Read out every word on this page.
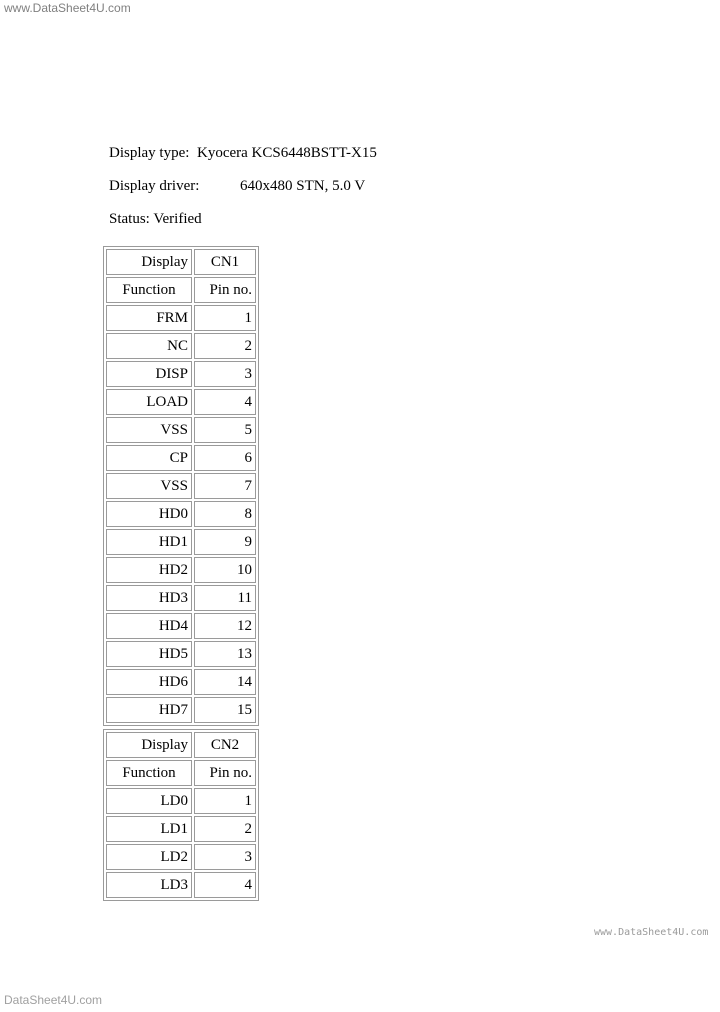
www.DataSheet4U.com
Display type: Kyocera KCS6448BSTT-X15
Display driver:	640x480 STN, 5.0 V
Status: Verified
Display	CN1
Function	Pin no.
FRM	1
NC	2
DISP	3
LOAD	4
VSS	5
CP	6
VSS	7
HD0	8
HD1	9
HD2	10
HD3	11
HD4	12
HD5	13
HD6	14
HD7	15
Display	CN2
Function	Pin no.
LD0	1
LD1	2
LD2	3
LD3	4
www.DataSheet4U.com
DataSheet4U.com
